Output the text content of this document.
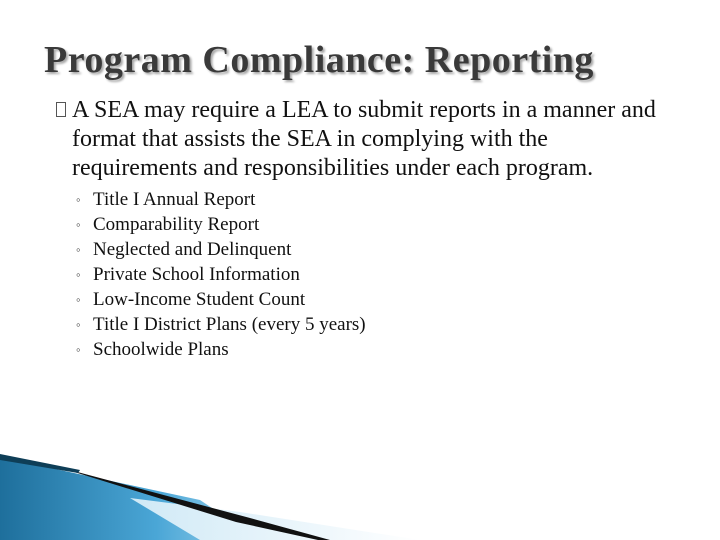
Program Compliance: Reporting
A SEA may require a LEA to submit reports in a manner and format that assists the SEA in complying with the requirements and responsibilities under each program.
◦ Title I Annual Report
◦ Comparability Report
◦ Neglected and Delinquent
◦ Private School Information
◦ Low-Income Student Count
◦ Title I District Plans (every 5 years)
◦ Schoolwide Plans
